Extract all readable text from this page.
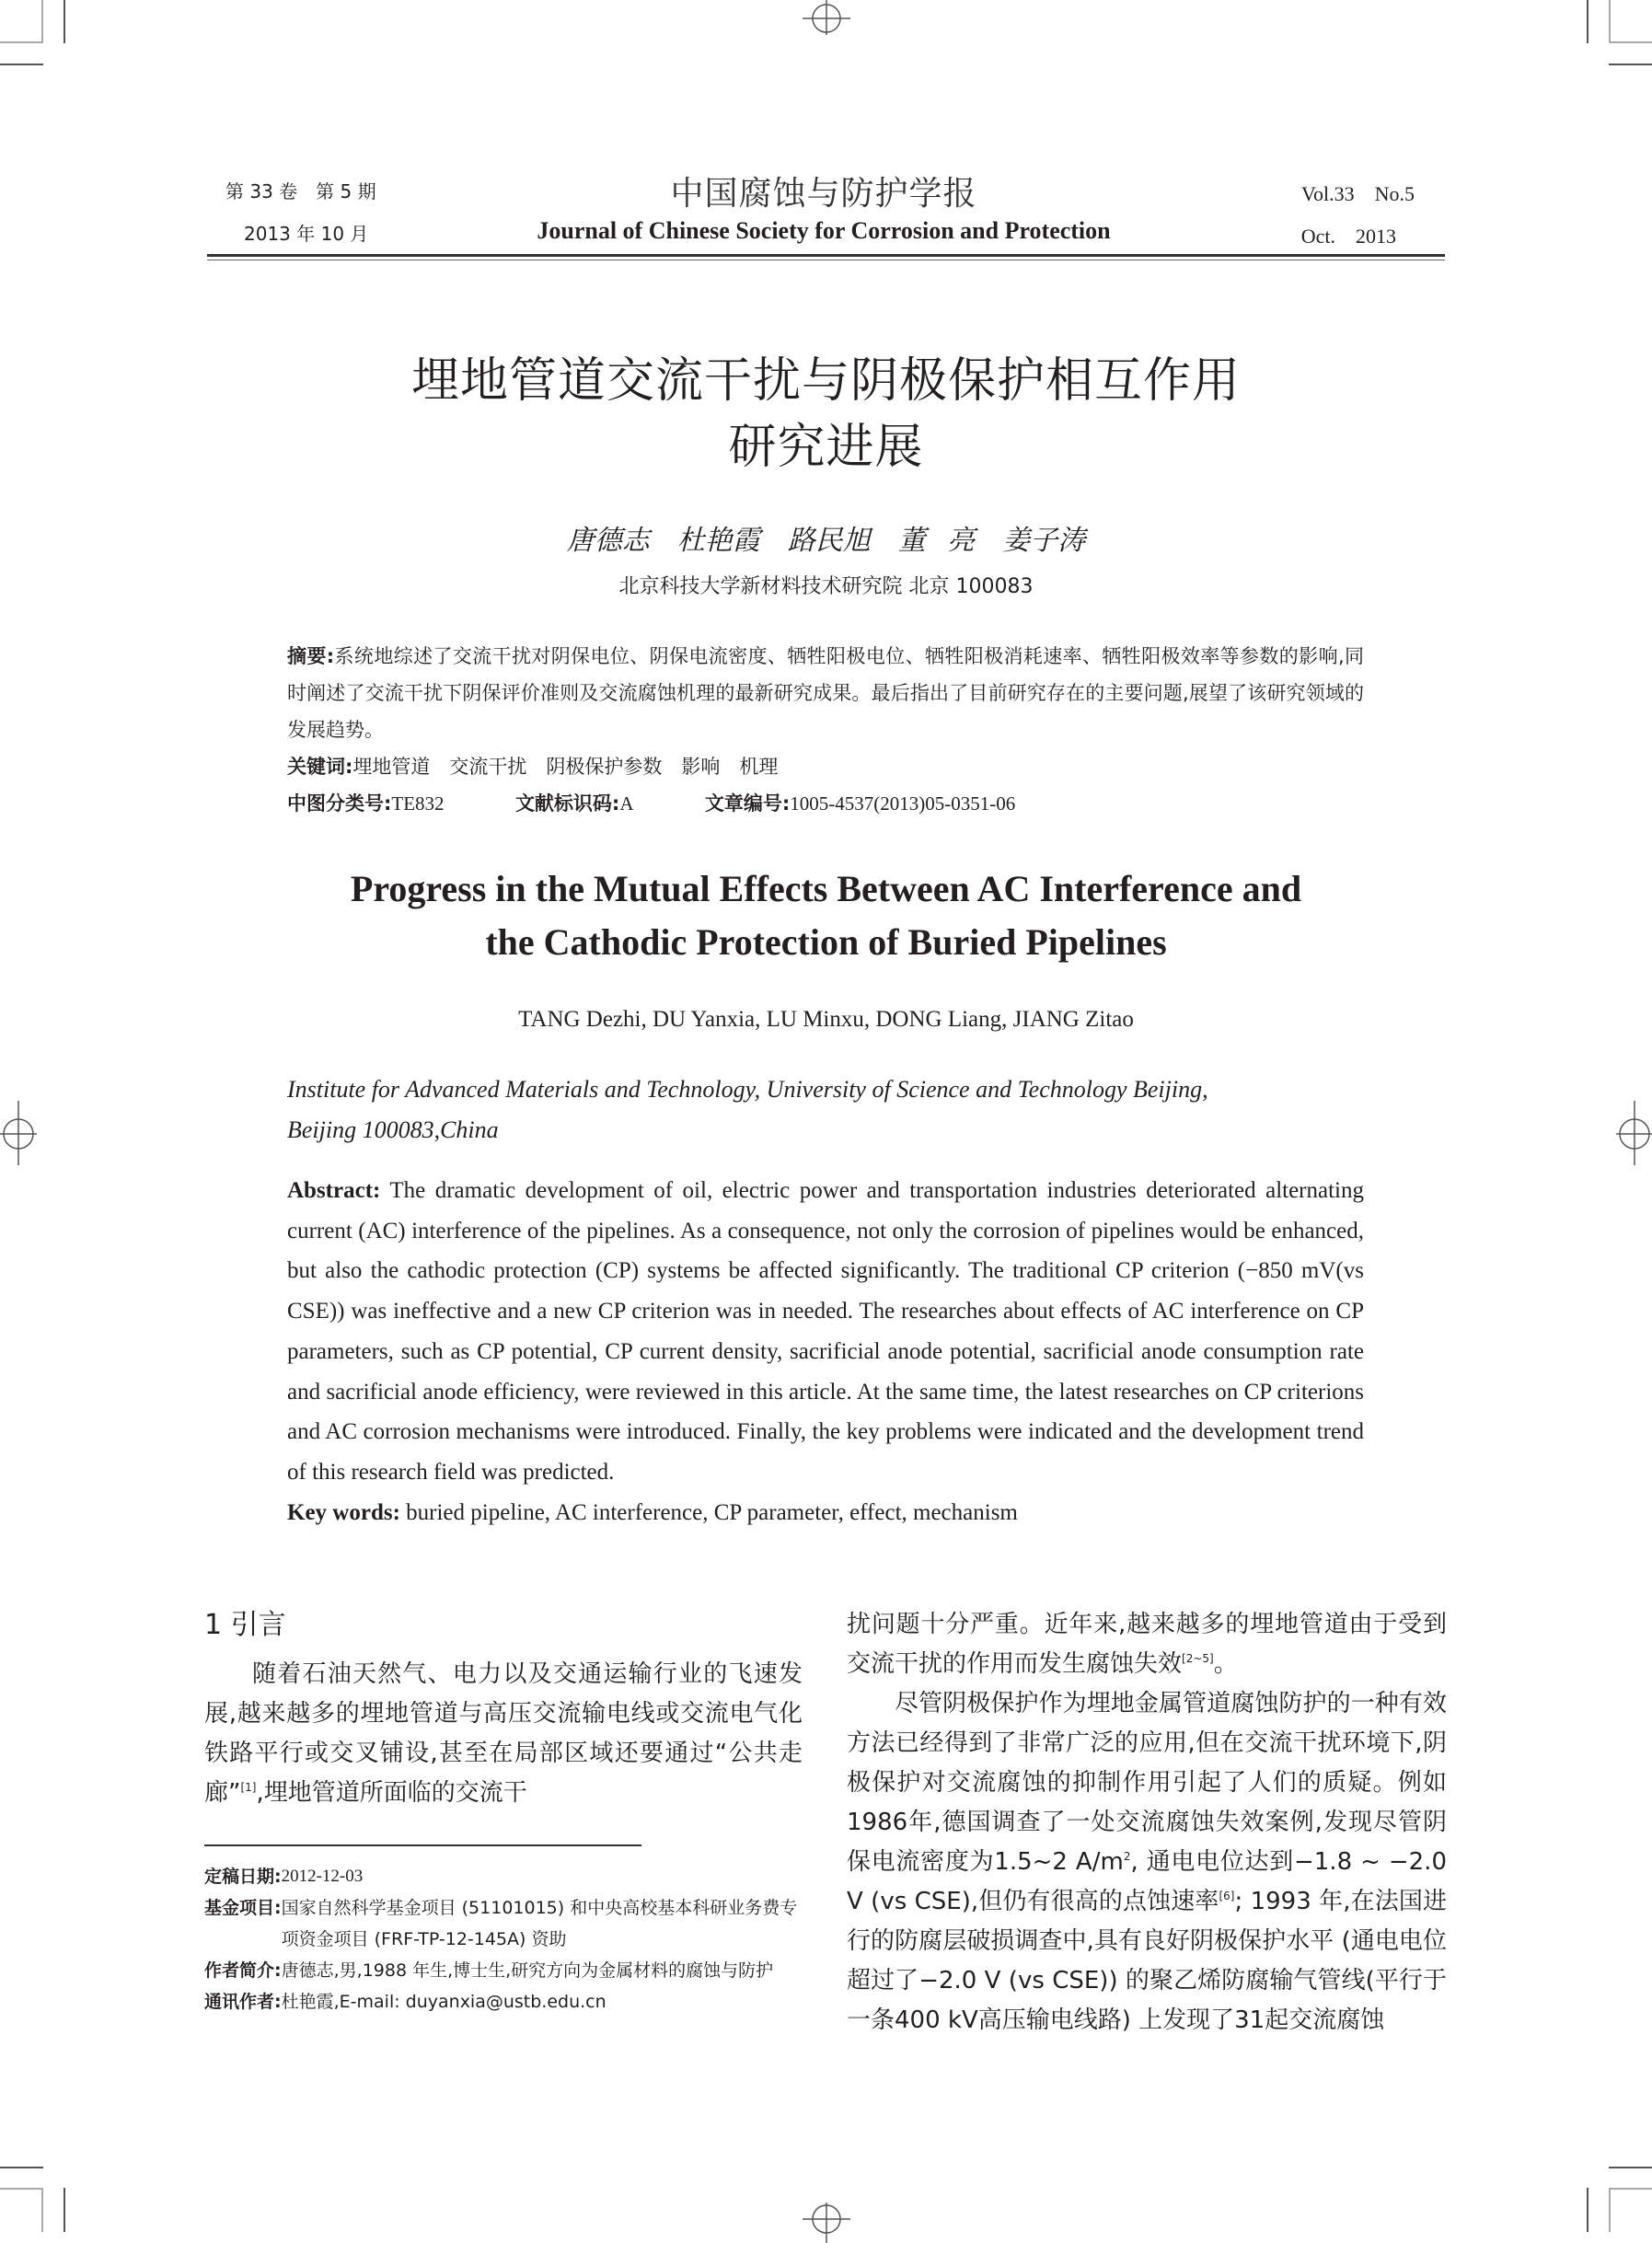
第 33 卷　第 5 期
2013 年 10 月
中国腐蚀与防护学报
Journal of Chinese Society for Corrosion and Protection
Vol.33　No.5
Oct.　2013
埋地管道交流干扰与阴极保护相互作用
研究进展
唐德志　杜艳霞　路民旭　董 亮　姜子涛
北京科技大学新材料技术研究院 北京 100083
摘要:系统地综述了交流干扰对阴保电位、阴保电流密度、牺牲阳极电位、牺牲阳极消耗速率、牺牲阳极效率等参数的影响,同时阐述了交流干扰下阴保评价准则及交流腐蚀机理的最新研究成果。最后指出了目前研究存在的主要问题,展望了该研究领域的发展趋势。
关键词:埋地管道　交流干扰　阴极保护参数　影响　机理
中图分类号:TE832	文献标识码:A	文章编号:1005-4537(2013)05-0351-06
Progress in the Mutual Effects Between AC Interference and
the Cathodic Protection of Buried Pipelines
TANG Dezhi, DU Yanxia, LU Minxu, DONG Liang, JIANG Zitao
Institute for Advanced Materials and Technology, University of Science and Technology Beijing,
Beijing 100083,China
Abstract: The dramatic development of oil, electric power and transportation industries deteriorated alternating current (AC) interference of the pipelines. As a consequence, not only the corrosion of pipelines would be enhanced, but also the cathodic protection (CP) systems be affected significantly. The traditional CP criterion (−850 mV(vs CSE)) was ineffective and a new CP criterion was in needed. The researches about effects of AC interference on CP parameters, such as CP potential, CP current density, sacrificial anode potential, sacrificial anode consumption rate and sacrificial anode efficiency, were reviewed in this article. At the same time, the latest researches on CP criterions and AC corrosion mechanisms were introduced. Finally, the key problems were indicated and the development trend of this research field was predicted.
Key words: buried pipeline, AC interference, CP parameter, effect, mechanism
1 引言
随着石油天然气、电力以及交通运输行业的飞速发展,越来越多的埋地管道与高压交流输电线或交流电气化铁路平行或交叉铺设,甚至在局部区域还要通过“公共走廊”[1],埋地管道所面临的交流干
定稿日期: 2012-12-03
基金项目: 国家自然科学基金项目 (51101015) 和中央高校基本科研业务费专项资金项目 (FRF-TP-12-145A) 资助
作者简介: 唐德志,男,1988 年生,博士生,研究方向为金属材料的腐蚀与防护
通讯作者: 杜艳霞,E-mail: duyanxia@ustb.edu.cn
扰问题十分严重。近年来,越来越多的埋地管道由于受到交流干扰的作用而发生腐蚀失效[2~5]。
尽管阴极保护作为埋地金属管道腐蚀防护的一种有效方法已经得到了非常广泛的应用,但在交流干扰环境下,阴极保护对交流腐蚀的抑制作用引起了人们的质疑。例如1986年,德国调查了一处交流腐蚀失效案例,发现尽管阴保电流密度为1.5~2 $A/m^2$, 通电电位达到−1.8 ~ −2.0 V (vs CSE),但仍有很高的点蚀速率[6]; 1993 年,在法国进行的防腐层破损调查中,具有良好阴极保护水平 (通电电位超过了−2.0 V (vs CSE)) 的聚乙烯防腐输气管线(平行于一条400 kV高压输电线路) 上发现了31起交流腐蚀
